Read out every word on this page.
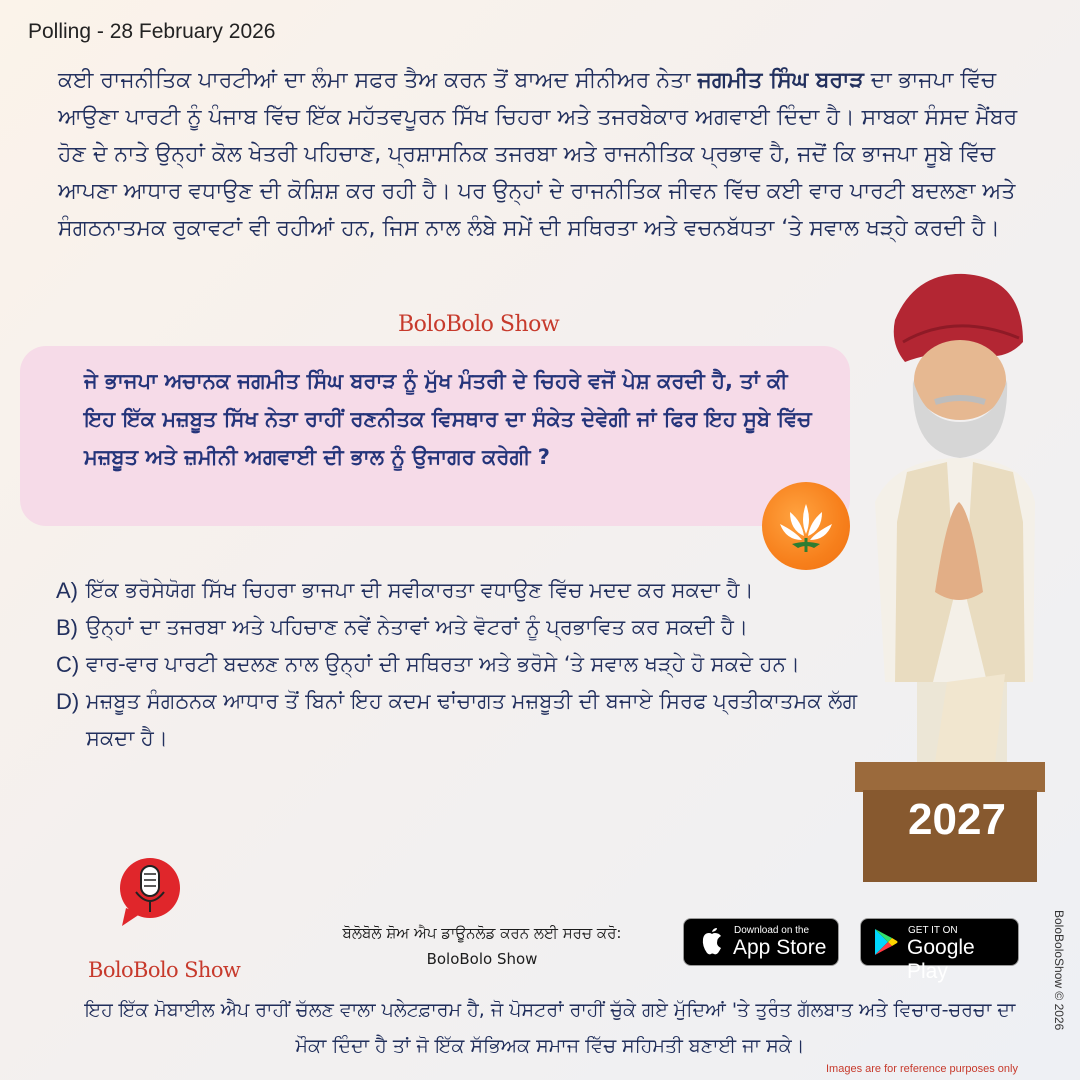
Polling - 28 February 2026
ਕਈ ਰਾਜਨੀਤਿਕ ਪਾਰਟੀਆਂ ਦਾ ਲੰਮਾ ਸਫਰ ਤੈਅ ਕਰਨ ਤੋਂ ਬਾਅਦ ਸੀਨੀਅਰ ਨੇਤਾ ਜਗਮੀਤ ਸਿੰਘ ਬਰਾੜ ਦਾ ਭਾਜਪਾ ਵਿੱਚ ਆਉਣਾ ਪਾਰਟੀ ਨੂੰ ਪੰਜਾਬ ਵਿੱਚ ਇੱਕ ਮਹੱਤਵਪੂਰਨ ਸਿੱਖ ਚਿਹਰਾ ਅਤੇ ਤਜਰਬੇਕਾਰ ਅਗਵਾਈ ਦਿੰਦਾ ਹੈ। ਸਾਬਕਾ ਸੰਸਦ ਮੈਂਬਰ ਹੋਣ ਦੇ ਨਾਤੇ ਉਨ੍ਹਾਂ ਕੋਲ ਖੇਤਰੀ ਪਹਿਚਾਣ, ਪ੍ਰਸ਼ਾਸਨਿਕ ਤਜਰਬਾ ਅਤੇ ਰਾਜਨੀਤਿਕ ਪ੍ਰਭਾਵ ਹੈ, ਜਦੋਂ ਕਿ ਭਾਜਪਾ ਸੂਬੇ ਵਿੱਚ ਆਪਣਾ ਆਧਾਰ ਵਧਾਉਣ ਦੀ ਕੋਸ਼ਿਸ਼ ਕਰ ਰਹੀ ਹੈ। ਪਰ ਉਨ੍ਹਾਂ ਦੇ ਰਾਜਨੀਤਿਕ ਜੀਵਨ ਵਿੱਚ ਕਈ ਵਾਰ ਪਾਰਟੀ ਬਦਲਣਾ ਅਤੇ ਸੰਗਠਨਾਤਮਕ ਰੁਕਾਵਟਾਂ ਵੀ ਰਹੀਆਂ ਹਨ, ਜਿਸ ਨਾਲ ਲੰਬੇ ਸਮੇਂ ਦੀ ਸਥਿਰਤਾ ਅਤੇ ਵਚਨਬੱਧਤਾ ‘ਤੇ ਸਵਾਲ ਖੜ੍ਹੇ ਕਰਦੀ ਹੈ।
BoloBolo Show
ਜੇ ਭਾਜਪਾ ਅਚਾਨਕ ਜਗਮੀਤ ਸਿੰਘ ਬਰਾੜ ਨੂੰ ਮੁੱਖ ਮੰਤਰੀ ਦੇ ਚਿਹਰੇ ਵਜੋਂ ਪੇਸ਼ ਕਰਦੀ ਹੈ, ਤਾਂ ਕੀ ਇਹ ਇੱਕ ਮਜ਼ਬੂਤ ਸਿੱਖ ਨੇਤਾ ਰਾਹੀਂ ਰਣਨੀਤਕ ਵਿਸਥਾਰ ਦਾ ਸੰਕੇਤ ਦੇਵੇਗੀ ਜਾਂ ਫਿਰ ਇਹ ਸੂਬੇ ਵਿੱਚ ਮਜ਼ਬੂਤ ਅਤੇ ਜ਼ਮੀਨੀ ਅਗਵਾਈ ਦੀ ਭਾਲ ਨੂੰ ਉਜਾਗਰ ਕਰੇਗੀ ?
2027
A) ਇੱਕ ਭਰੋਸੇਯੋਗ ਸਿੱਖ ਚਿਹਰਾ ਭਾਜਪਾ ਦੀ ਸਵੀਕਾਰਤਾ ਵਧਾਉਣ ਵਿੱਚ ਮਦਦ ਕਰ ਸਕਦਾ ਹੈ।
B) ਉਨ੍ਹਾਂ ਦਾ ਤਜਰਬਾ ਅਤੇ ਪਹਿਚਾਣ ਨਵੇਂ ਨੇਤਾਵਾਂ ਅਤੇ ਵੋਟਰਾਂ ਨੂੰ ਪ੍ਰਭਾਵਿਤ ਕਰ ਸਕਦੀ ਹੈ।
C) ਵਾਰ-ਵਾਰ ਪਾਰਟੀ ਬਦਲਣ ਨਾਲ ਉਨ੍ਹਾਂ ਦੀ ਸਥਿਰਤਾ ਅਤੇ ਭਰੋਸੇ ‘ਤੇ ਸਵਾਲ ਖੜ੍ਹੇ ਹੋ ਸਕਦੇ ਹਨ।
D) ਮਜ਼ਬੂਤ ਸੰਗਠਨਕ ਆਧਾਰ ਤੋਂ ਬਿਨਾਂ ਇਹ ਕਦਮ ਢਾਂਚਾਗਤ ਮਜ਼ਬੂਤੀ ਦੀ ਬਜਾਏ ਸਿਰਫ ਪ੍ਰਤੀਕਾਤਮਕ ਲੱਗ ਸਕਦਾ ਹੈ।
BoloBolo Show
ਬੋਲੋਬੋਲੋ ਸ਼ੋਅ ਐਪ ਡਾਊਨਲੋਡ ਕਰਨ ਲਈ ਸਰਚ ਕਰੋ:
BoloBolo Show
Download on the
App Store
GET IT ON
Google Play
ਇਹ ਇੱਕ ਮੋਬਾਈਲ ਐਪ ਰਾਹੀਂ ਚੱਲਣ ਵਾਲਾ ਪਲੇਟਫ਼ਾਰਮ ਹੈ, ਜੋ ਪੋਸਟਰਾਂ ਰਾਹੀਂ ਚੁੱਕੇ ਗਏ ਮੁੱਦਿਆਂ 'ਤੇ ਤੁਰੰਤ ਗੱਲਬਾਤ ਅਤੇ ਵਿਚਾਰ-ਚਰਚਾ ਦਾ ਮੌਕਾ ਦਿੰਦਾ ਹੈ ਤਾਂ ਜੋ ਇੱਕ ਸੱਭਿਅਕ ਸਮਾਜ ਵਿੱਚ ਸਹਿਮਤੀ ਬਣਾਈ ਜਾ ਸਕੇ।
BoloBoloShow © 2026
Images are for reference purposes only
